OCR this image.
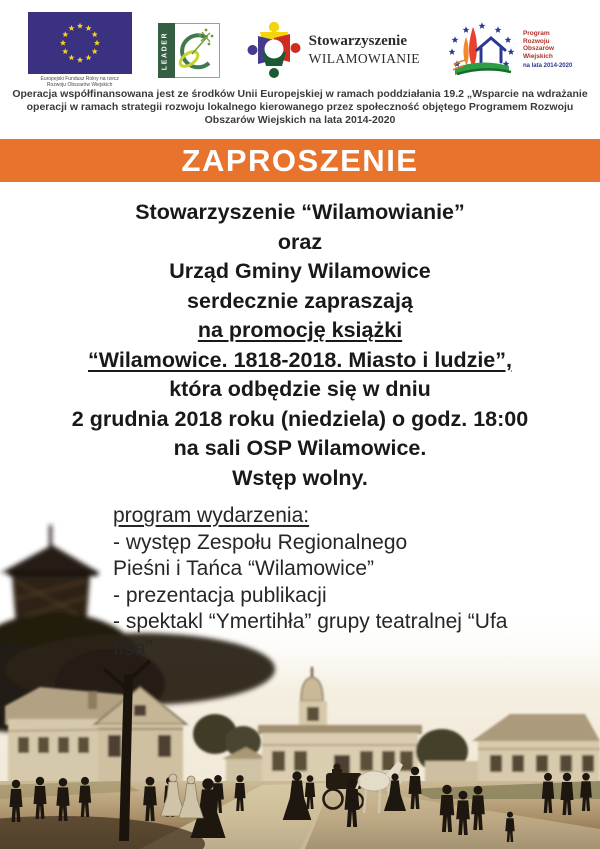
Europejski Fundusz Rolny na rzecz
Rozwoju Obszarów Wiejskich
LEADER	Stowarzyszenie
WILAMOWIANIE
Program
Rozwoju
Obszarów
Wiejskich
na lata 2014-2020
Operacja współfinansowana jest ze środków Unii Europejskiej w ramach poddziałania 19.2 „Wsparcie na wdrażanie
operacji w ramach strategii rozwoju lokalnego kierowanego przez społeczność objętego Programem Rozwoju
Obszarów Wiejskich na lata 2014-2020
ZAPROSZENIE
Stowarzyszenie “Wilamowianie”
oraz
Urząd Gminy Wilamowice
serdecznie zapraszają
na promocję książki
“Wilamowice. 1818-2018. Miasto i ludzie”,
która odbędzie się w dniu
2 grudnia 2018 roku (niedziela) o godz. 18:00
na sali OSP Wilamowice.
Wstęp wolny.
program wydarzenia:
- występ Zespołu Regionalnego
Pieśni i Tańca “Wilamowice”
- prezentacja publikacji
- spektakl “Ymertihła” grupy teatralnej “Ufa
fisa”
